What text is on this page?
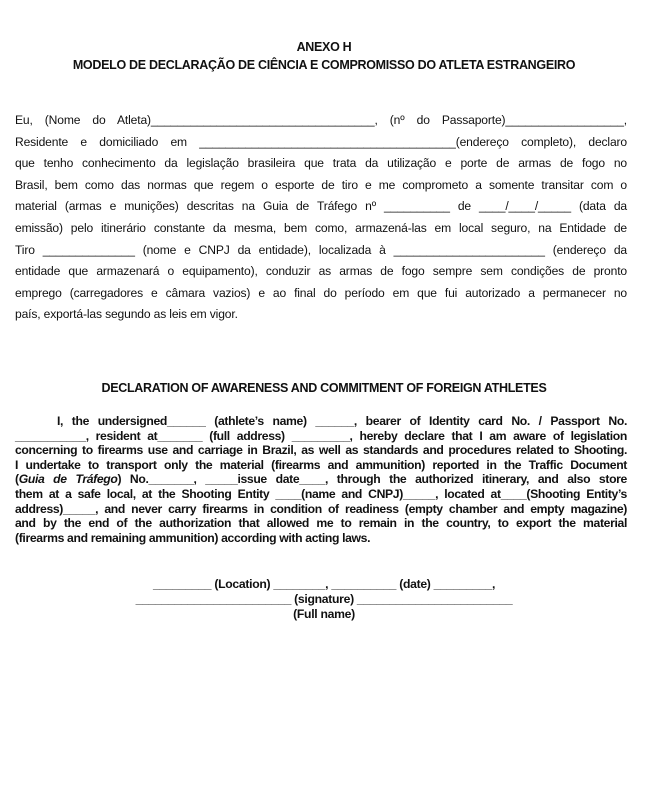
ANEXO H
MODELO DE DECLARAÇÃO DE CIÊNCIA E COMPROMISSO DO ATLETA ESTRANGEIRO
Eu, (Nome do Atleta)__________________________________, (nº do Passaporte)__________________,
Residente e domiciliado em _______________________________________(endereço completo), declaro
que tenho conhecimento da legislação brasileira que trata da utilização e porte de armas de fogo no
Brasil, bem como das normas que regem o esporte de tiro e me comprometo a somente transitar com o
material (armas e munições) descritas na Guia de Tráfego nº __________ de ____/____/_____ (data da
emissão) pelo itinerário constante da mesma, bem como, armazená-las em local seguro, na Entidade de
Tiro ______________ (nome e CNPJ da entidade), localizada à _______________________ (endereço da
entidade que armazenará o equipamento), conduzir as armas de fogo sempre sem condições de pronto
emprego (carregadores e câmara vazios) e ao final do período em que fui autorizado a permanecer no
país, exportá-las segundo as leis em vigor.
DECLARATION OF AWARENESS AND COMMITMENT OF FOREIGN ATHLETES
I, the undersigned______ (athlete’s name) ______, bearer of Identity card No. / Passport No.
___________, resident at_______ (full address) _________, hereby declare that I am aware of legislation
concerning to firearms use and carriage in Brazil, as well as standards and procedures related to Shooting.
I undertake to transport only the material (firearms and ammunition) reported in the Traffic Document
(Guia de Tráfego) No._______, _____issue date____, through the authorized itinerary, and also store
them at a safe local, at the Shooting Entity ____(name and CNPJ)_____, located at____(Shooting Entity’s
address)_____, and never carry firearms in condition of readiness (empty chamber and empty magazine)
and by the end of the authorization that allowed me to remain in the country, to export the material
(firearms and remaining ammunition) according with acting laws.
_________ (Location) ________, __________ (date) _________,
________________________ (signature) ________________________
(Full name)
